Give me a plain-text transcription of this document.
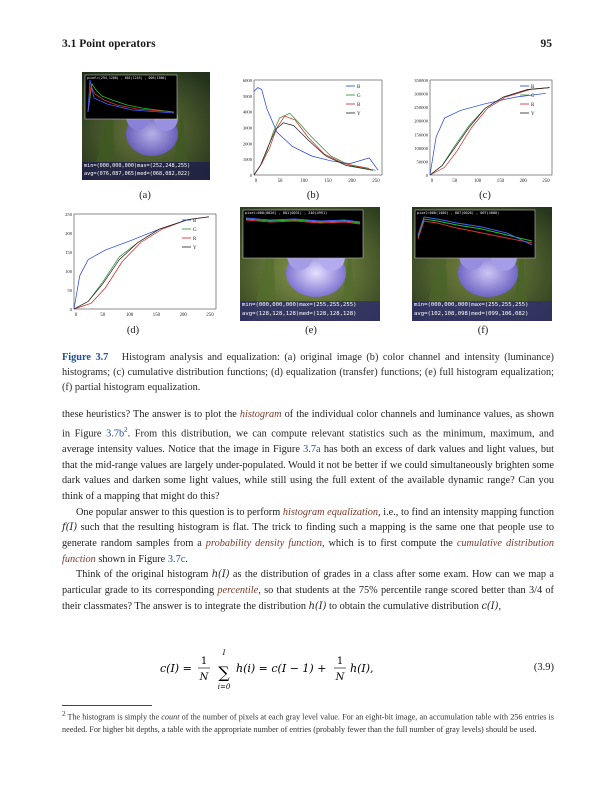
3.1 Point operators	95
min=(000,000,000)max=(252,248,255)
avg=(076,087,065)med=(068,082,022)
pixel=(294,1200) , 001(1245) , 008(1360)	6000
5000
4000
3000
2000
1000
0
0	50	100	150	200	250
B
G
R
Y
350000
300000
250000
200000
150000
100000
50000
0
0	50	100	150	200	250
B
G
R
Y
(a)	(b)	(c)
250
200
150
100
50
0
0	50	100	150	200	250
B
G
R
Y
min=(000,000,000)max=(255,255,255)
avg=(128,128,128)med=(128,128,128)
pixel=000(0026) , 001(0031) , 240(4991)
min=(000,000,000)max=(255,255,255)
avg=(102,108,098)med=(099,106,082)
pixel=006(1400) , 007(0026) , 007(4080)
(d)	(e)	(f)
Figure 3.7 Histogram analysis and equalization: (a) original image (b) color channel and intensity (luminance) histograms; (c) cumulative distribution functions; (d) equalization (transfer) functions; (e) full histogram equalization; (f) partial histogram equalization.

these heuristics? The answer is to plot the histogram of the individual color channels and luminance values, as shown in Figure $3.7b^2$. From this distribution, we can compute relevant statistics such as the minimum, maximum, and average intensity values. Notice that the image in Figure 3.7a has both an excess of dark values and light values, but that the mid-range values are largely under-populated. Would it not be better if we could simultaneously brighten some dark values and darken some light values, while still using the full extent of the available dynamic range? Can you think of a mapping that might do this?

One popular answer to this question is to perform histogram equalization, i.e., to find an intensity mapping function f(I) such that the resulting histogram is flat. The trick to finding such a mapping is the same one that people use to generate random samples from a probability density function, which is to first compute the cumulative distribution function shown in Figure 3.7c.

Think of the original histogram h(I) as the distribution of grades in a class after some exam. How can we map a particular grade to its corresponding percentile, so that students at the 75% percentile range scored better than 3/4 of their classmates? The answer is to integrate the distribution h(I) to obtain the cumulative distribution c(I),

c(I) =
1
N
I
∑
i=0
h(i) = c(I − 1) +
1
N
h(I),	(3.9)
$^2$ The histogram is simply the count of the number of pixels at each gray level value. For an eight-bit image, an accumulation table with 256 entries is needed. For higher bit depths, a table with the appropriate number of entries (probably fewer than the full number of gray levels) should be used.
